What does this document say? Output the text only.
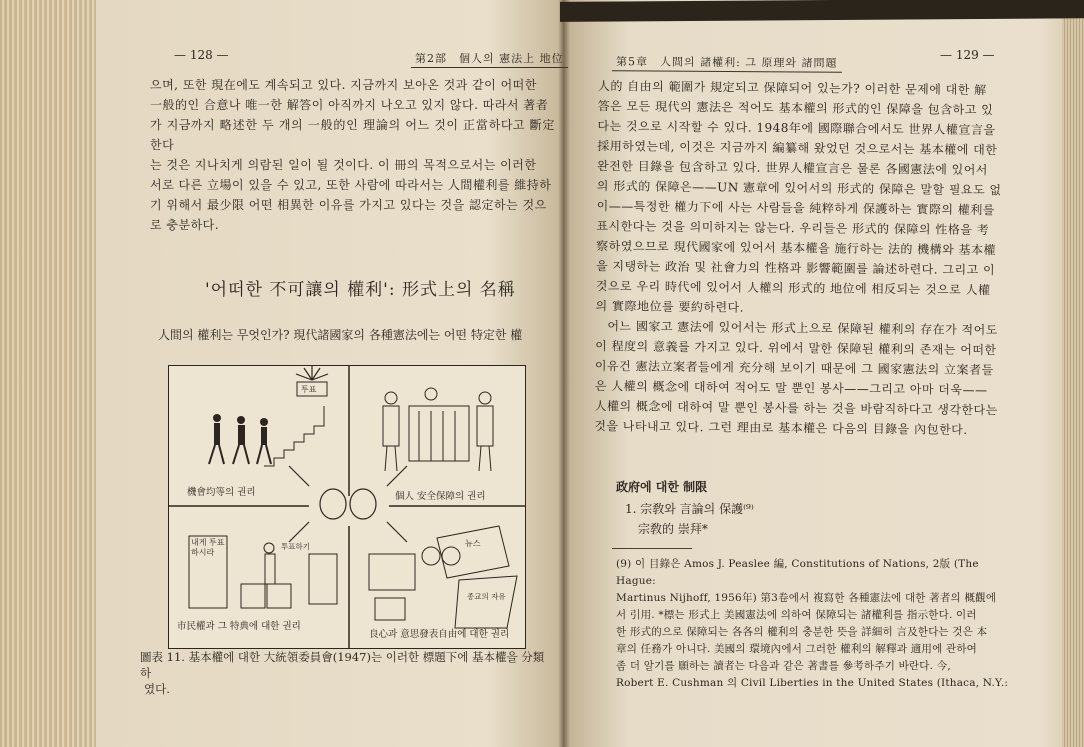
— 128 —	第2部　個人의 憲法上 地位

으며, 또한 現在에도 계속되고 있다. 지금까지 보아온 것과 같이 어떠한

一般的인 合意나 唯一한 解答이 아직까지 나오고 있지 않다. 따라서 著者

가 지금까지 略述한 두 개의 一般的인 理論의 어느 것이 正當하다고 斷定한다

는 것은 지나치게 의람된 일이 될 것이다. 이 冊의 목적으로서는 이러한

서로 다른 立場이 있을 수 있고, 또한 사람에 따라서는 人間權利를 維持하

기 위해서 最少限 어떤 相異한 이유를 가지고 있다는 것을 認定하는 것으

로 충분하다.

'어떠한 不可讓의 權利': 形式上의 名稱
人間의 權利는 무엇인가? 現代諸國家의 各種憲法에는 어떤 特定한 權
機會均等의 권리	個人 安全保障의 권리
市民權과 그 特典에 대한 권리
良心과 意思發表自由에 대한 권리
투표
내게 투표하시라
투표하기	뉴스
종교의 자유
圖表 11. 基本權에 대한 大統領委員會(1947)는 이러한 標題下에 基本權을 分類하
였다.
第5章　人間의 諸權利: 그 原理와 諸問題
— 129 —

人的 自由의 範圍가 規定되고 保障되어 있는가? 이러한 문제에 대한 解

答은 모든 現代의 憲法은 적어도 基本權의 形式的인 保障을 包含하고 있

다는 것으로 시작할 수 있다. 1948年에 國際聯合에서도 世界人權宣言을

採用하였는데, 이것은 지금까지 編纂해 왔었던 것으로서는 基本權에 대한

완전한 目錄을 包含하고 있다. 世界人權宣言은 물론 各國憲法에 있어서

의 形式的 保障은——UN 憲章에 있어서의 形式的 保障은 말할 필요도 없

이——특정한 權力下에 사는 사람들을 純粹하게 保護하는 實際의 權利를

표시한다는 것을 의미하지는 않는다. 우리들은 形式的 保障의 性格을 考

察하였으므로 現代國家에 있어서 基本權을 施行하는 法的 機構와 基本權

을 지탱하는 政治 및 社會力의 性格과 影響範圍를 論述하련다. 그리고 이

것으로 우리 時代에 있어서 人權의 形式的 地位에 相反되는 것으로 人權

의 實際地位를 要約하련다.

어느 國家고 憲法에 있어서는 形式上으로 保障된 權利의 存在가 적어도

이 程度의 意義를 가지고 있다. 위에서 말한 保障된 權利의 존재는 어떠한

이유건 憲法立案者들에게 充分해 보이기 때문에 그 國家憲法의 立案者들

은 人權의 概念에 대하여 적어도 말 뿐인 봉사——그리고 아마 더욱——

人權의 概念에 대하여 말 뿐인 봉사를 하는 것을 바람직하다고 생각한다는

것을 나타내고 있다. 그런 理由로 基本權은 다음의 目錄을 內包한다.

政府에 대한 制限
1. 宗敎와 言論의 保護⁽⁹⁾
宗敎的 崇拜*

(9) 이 目錄은 Amos J. Peaslee 編, Constitutions of Nations, 2版 (The Hague:

Martinus Nijhoff, 1956年) 第3卷에서 複寫한 各種憲法에 대한 著者의 概觀에

서 引用. *標는 形式上 美國憲法에 의하여 保障되는 諸權利를 指示한다. 이러

한 形式的으로 保障되는 各各의 權利의 충분한 뜻을 詳細히 言及한다는 것은 本

章의 任務가 아니다. 美國의 環境內에서 그러한 權利의 解釋과 適用에 관하여

좀 더 알기를 願하는 讀者는 다음과 같은 著書를 參考하주기 바란다. 今,

Robert E. Cushman 의 Civil Liberties in the United States (Ithaca, N.Y.:
